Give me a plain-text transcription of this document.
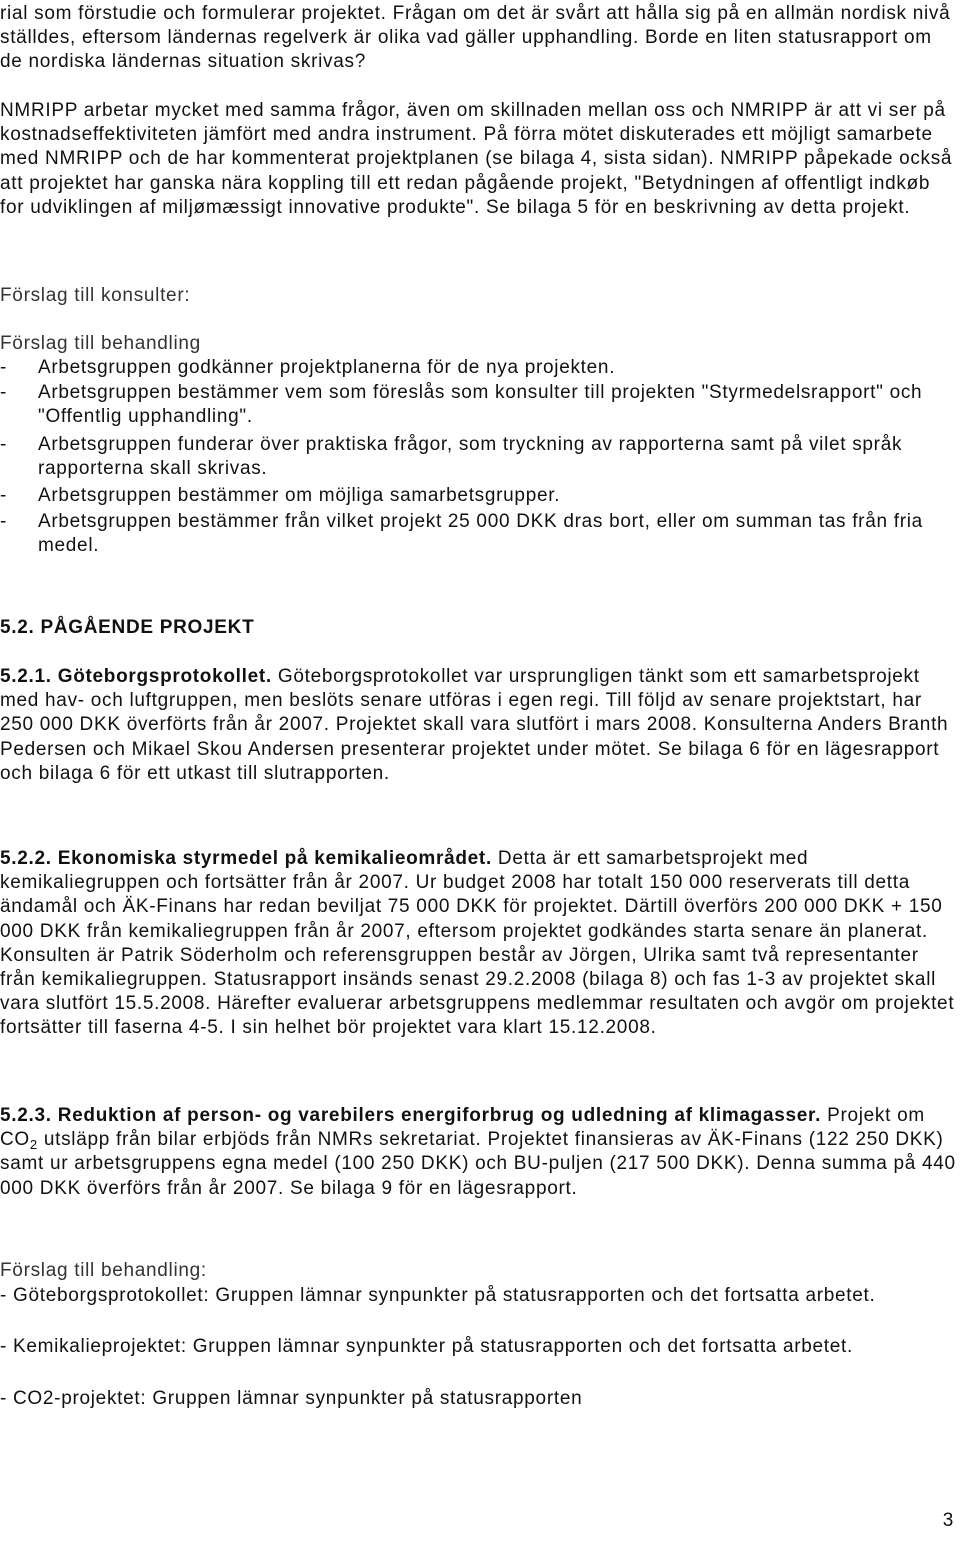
rial som förstudie och formulerar projektet. Frågan om det är svårt att hålla sig på en allmän nordisk nivå ställdes, eftersom ländernas regelverk är olika vad gäller upphandling. Borde en liten statusrapport om de nordiska ländernas situation skrivas?

NMRIPP arbetar mycket med samma frågor, även om skillnaden mellan oss och NMRIPP är att vi ser på kostnadseffektiviteten jämfört med andra instrument. På förra mötet diskuterades ett möjligt samarbete med NMRIPP och de har kommenterat projektplanen (se bilaga 4, sista sidan). NMRIPP påpekade också att projektet har ganska nära koppling till ett redan pågående projekt, "Betydningen af offentligt indkøb for udviklingen af miljømæssigt innovative produkte". Se bilaga 5 för en beskrivning av detta projekt.

Förslag till konsulter:

Förslag till behandling

- Arbetsgruppen godkänner projektplanerna för de nya projekten.
- Arbetsgruppen bestämmer vem som föreslås som konsulter till projekten "Styrmedelsrapport" och "Offentlig upphandling".
- Arbetsgruppen funderar över praktiska frågor, som tryckning av rapporterna samt på vilet språk rapporterna skall skrivas.
- Arbetsgruppen bestämmer om möjliga samarbetsgrupper.
- Arbetsgruppen bestämmer från vilket projekt 25 000 DKK dras bort, eller om summan tas från fria medel.
5.2. PÅGÅENDE PROJEKT

5.2.1. Göteborgsprotokollet. Göteborgsprotokollet var ursprungligen tänkt som ett samarbetsprojekt med hav- och luftgruppen, men beslöts senare utföras i egen regi. Till följd av senare projektstart, har 250 000 DKK överförts från år 2007. Projektet skall vara slutfört i mars 2008. Konsulterna Anders Branth Pedersen och Mikael Skou Andersen presenterar projektet under mötet. Se bilaga 6 för en lägesrapport och bilaga 6 för ett utkast till slutrapporten.

5.2.2. Ekonomiska styrmedel på kemikalieområdet. Detta är ett samarbetsprojekt med kemikaliegruppen och fortsätter från år 2007. Ur budget 2008 har totalt 150 000 reserverats till detta ändamål och ÄK-Finans har redan beviljat 75 000 DKK för projektet. Därtill överförs 200 000 DKK + 150 000 DKK från kemikaliegruppen från år 2007, eftersom projektet godkändes starta senare än planerat. Konsulten är Patrik Söderholm och referensgruppen består av Jörgen, Ulrika samt två representanter från kemikaliegruppen. Statusrapport insänds senast 29.2.2008 (bilaga 8) och fas 1-3 av projektet skall vara slutfört 15.5.2008. Härefter evaluerar arbetsgruppens medlemmar resultaten och avgör om projektet fortsätter till faserna 4-5. I sin helhet bör projektet vara klart 15.12.2008.

5.2.3. Reduktion af person- og varebilers energiforbrug og udledning af klimagasser. Projekt om $CO_2$ utsläpp från bilar erbjöds från NMRs sekretariat. Projektet finansieras av ÄK-Finans (122 250 DKK) samt ur arbetsgruppens egna medel (100 250 DKK) och BU-puljen (217 500 DKK). Denna summa på 440 000 DKK överförs från år 2007. Se bilaga 9 för en lägesrapport.

Förslag till behandling:

- Göteborgsprotokollet: Gruppen lämnar synpunkter på statusrapporten och det fortsatta arbetet.

- Kemikalieprojektet: Gruppen lämnar synpunkter på statusrapporten och det fortsatta arbetet.

- CO2-projektet: Gruppen lämnar synpunkter på statusrapporten

3
